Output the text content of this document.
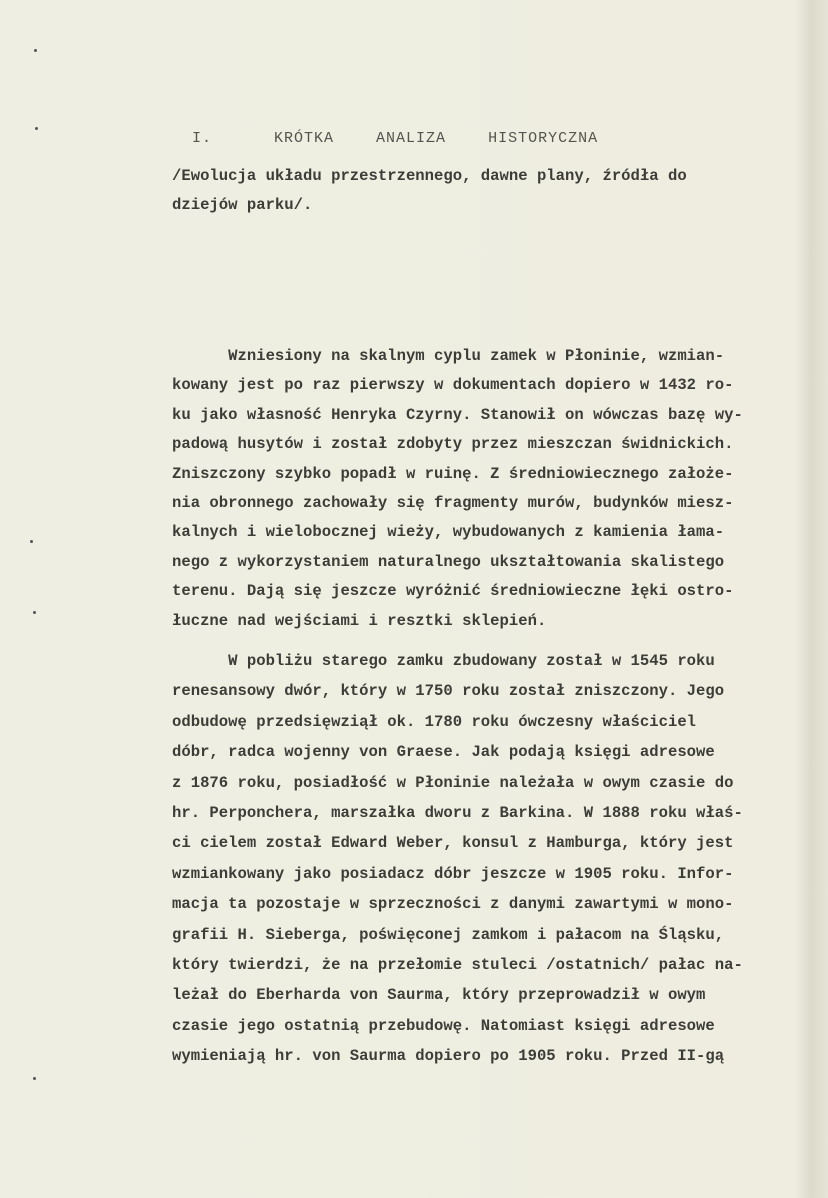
I.	KRÓTKA	ANALIZA	HISTORYCZNA

/Ewolucja układu przestrzennego, dawne plany, źródła do
dziejów parku/.
Wzniesiony na skalnym cyplu zamek w Płoninie, wzmian-
kowany jest po raz pierwszy w dokumentach dopiero w 1432 ro-
ku jako własność Henryka Czyrny. Stanowił on wówczas bazę wy-
padową husytów i został zdobyty przez mieszczan świdnickich.
Zniszczony szybko popadł w ruinę. Z średniowiecznego założe-
nia obronnego zachowały się fragmenty murów, budynków miesz-
kalnych i wielobocznej wieży, wybudowanych z kamienia łama-
nego z wykorzystaniem naturalnego ukształtowania skalistego
terenu. Dają się jeszcze wyróżnić średniowieczne łęki ostro-
łuczne nad wejściami i resztki sklepień.
W pobliżu starego zamku zbudowany został w 1545 roku
renesansowy dwór, który w 1750 roku został zniszczony. Jego
odbudowę przedsięwziął ok. 1780 roku ówczesny właściciel
dóbr, radca wojenny von Graese. Jak podają księgi adresowe
z 1876 roku, posiadłość w Płoninie należała w owym czasie do
hr. Perponchera, marszałka dworu z Barkina. W 1888 roku właś-
ci cielem został Edward Weber, konsul z Hamburga, który jest
wzmiankowany jako posiadacz dóbr jeszcze w 1905 roku. Infor-
macja ta pozostaje w sprzeczności z danymi zawartymi w mono-
grafii H. Sieberga, poświęconej zamkom i pałacom na Śląsku,
który twierdzi, że na przełomie stuleci /ostatnich/ pałac na-
leżał do Eberharda von Saurma, który przeprowadził w owym
czasie jego ostatnią przebudowę. Natomiast księgi adresowe
wymieniają hr. von Saurma dopiero po 1905 roku. Przed II-gą
